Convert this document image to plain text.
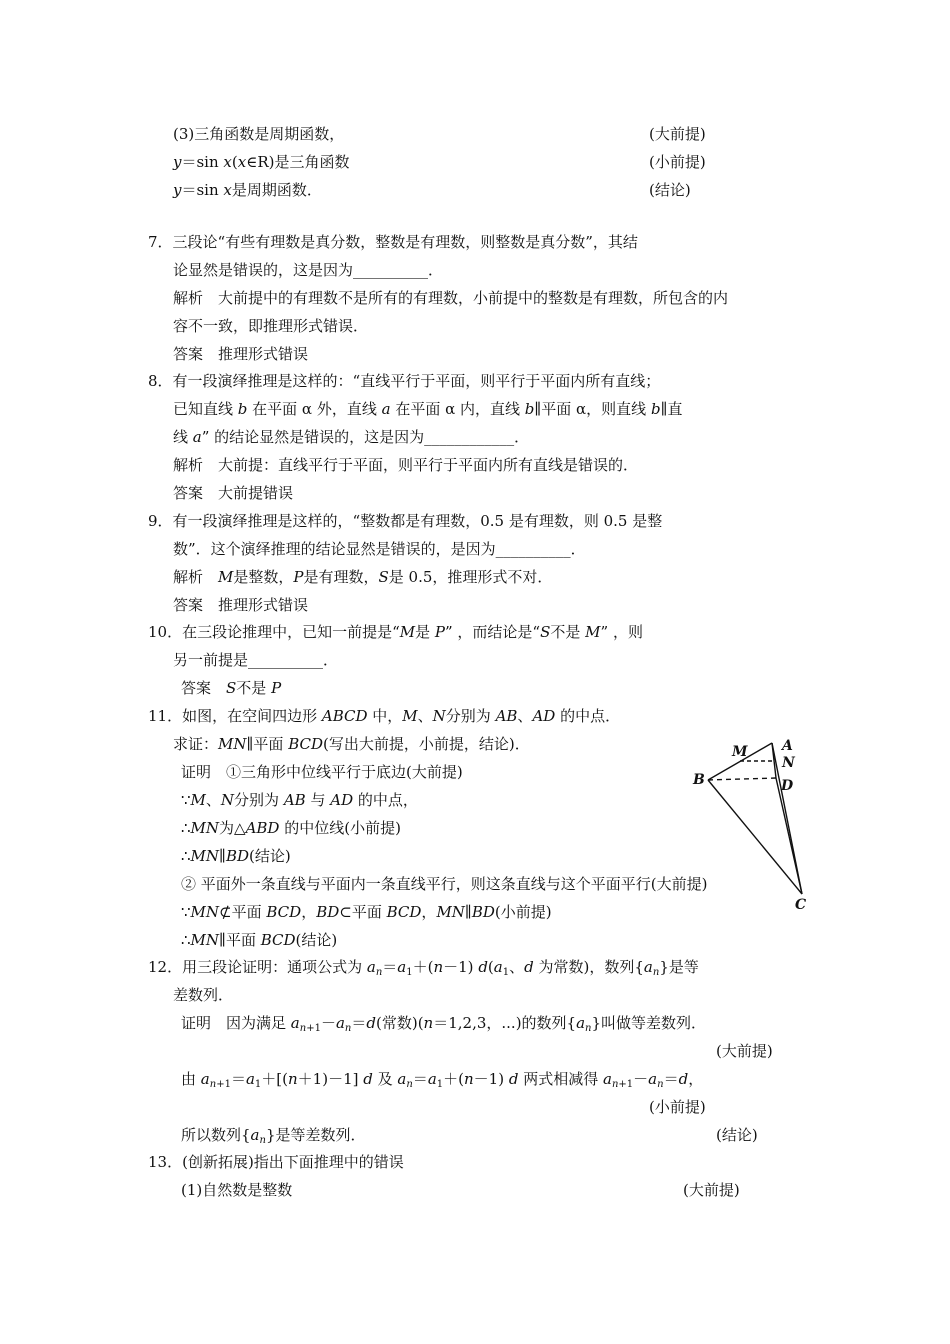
(3)三角函数是周期函数，	(大前提)
y＝sin x(x∈R)是三角函数	(小前提)
y＝sin x是周期函数．	(结论)
7．三段论“有些有理数是真分数，整数是有理数，则整数是真分数”，其结
论显然是错误的，这是因为__________．
解析　大前提中的有理数不是所有的有理数，小前提中的整数是有理数，所包含的内
容不一致，即推理形式错误．
答案　推理形式错误
8．有一段演绎推理是这样的：“直线平行于平面，则平行于平面内所有直线；
已知直线 b 在平面 α 外，直线 a 在平面 α 内，直线 b∥平面 α，则直线 b∥直
线 a” 的结论显然是错误的，这是因为____________．
解析　大前提：直线平行于平面，则平行于平面内所有直线是错误的．
答案　大前提错误
9．有一段演绎推理是这样的，“整数都是有理数，0.5 是有理数，则 0.5 是整
数”．这个演绎推理的结论显然是错误的，是因为__________．
解析　M是整数，P是有理数，S是 0.5，推理形式不对．
答案　推理形式错误
10．在三段论推理中，已知一前提是“M是 P” ，而结论是“S不是 M” ，则
另一前提是__________．
答案　S不是 P
11．如图，在空间四边形 ABCD 中，M、N分别为 AB、AD 的中点．
求证：MN∥平面 BCD(写出大前提，小前提，结论)．
证明　①三角形中位线平行于底边(大前提)
∵M、N分别为 AB 与 AD 的中点，
∴MN为△ABD 的中位线(小前提)
∴MN∥BD(结论)
② 平面外一条直线与平面内一条直线平行，则这条直线与这个平面平行(大前提)
∵MN⊄平面 BCD，BD⊂平面 BCD，MN∥BD(小前提)
∴MN∥平面 BCD(结论)
12．用三段论证明：通项公式为 $a_n=a_1+(n-1)$ $d(a_1$、d 为常数)，数列$\{a_n\}$是等
差数列．
证明　因为满足 $a_{n+1}-a_n=d$(常数)(n＝1,2,3，...)的数列$\{a_n\}$叫做等差数列．
(大前提)
由 $a_{n+1}=a_1+[(n+1)-1]$ d 及 $a_n=a_1+(n-1)$ d 两式相减得 $a_{n+1}-a_n=d$，
(小前提)
所以数列$\{a_n\}$是等差数列．	(结论)
13．(创新拓展)指出下面推理中的错误
(1)自然数是整数	(大前提)
M A
N
B	D
C
